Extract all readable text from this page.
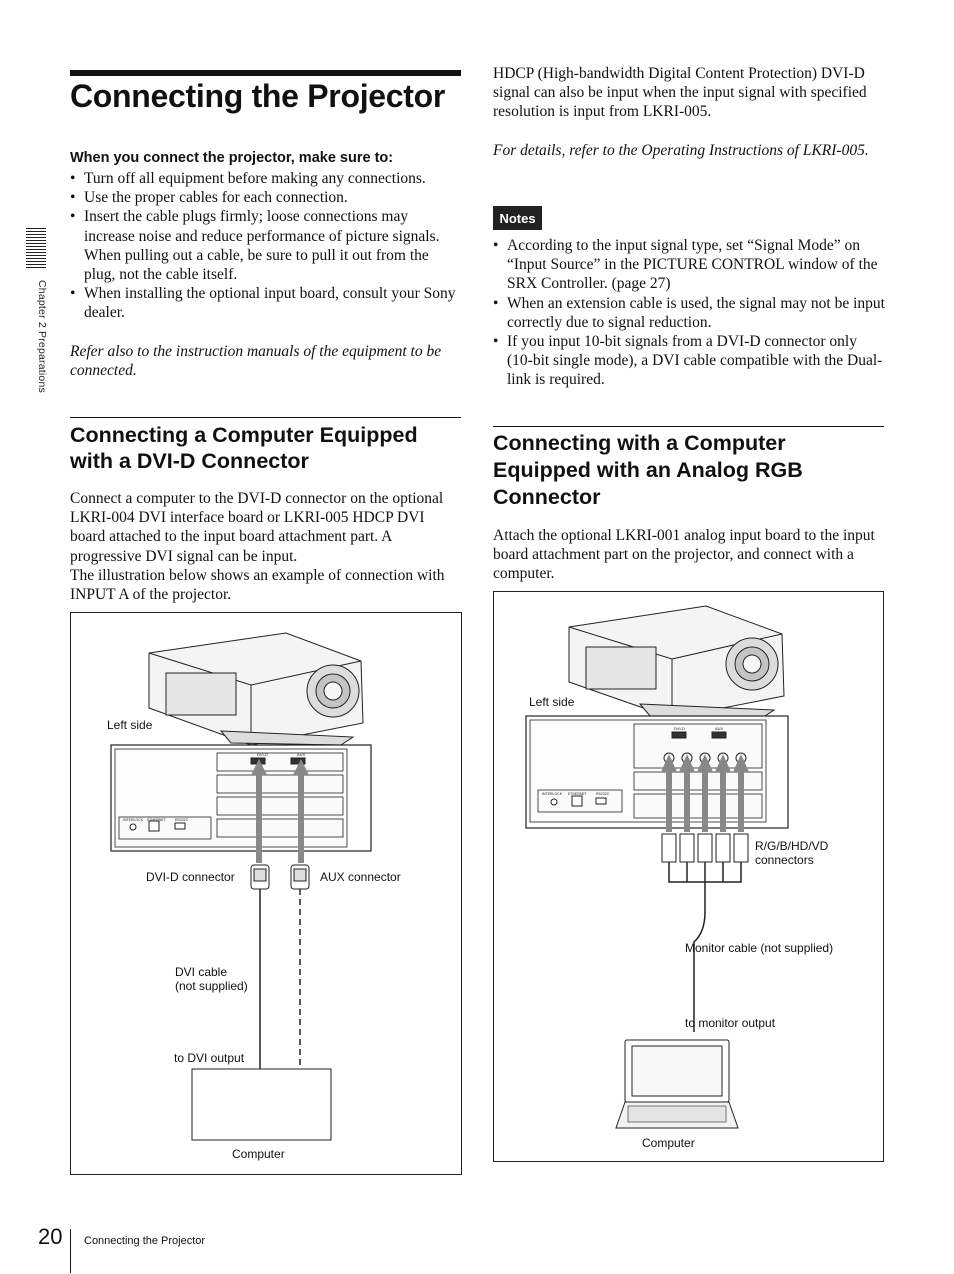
Chapter 2 Preparations
Connecting the Projector
When you connect the projector, make sure to:
• Turn off all equipment before making any connections.
• Use the proper cables for each connection.
• Insert the cable plugs firmly; loose connections may increase noise and reduce performance of picture signals. When pulling out a cable, be sure to pull it out from the plug, not the cable itself.
• When installing the optional input board, consult your Sony dealer.
Refer also to the instruction manuals of the equipment to be connected.
Connecting a Computer Equipped with a DVI-D Connector
Connect a computer to the DVI-D connector on the optional LKRI-004 DVI interface board or LKRI-005 HDCP DVI board attached to the input board attachment part. A progressive DVI signal can be input.
The illustration below shows an example of connection with INPUT A of the projector.
DVI-D	AUX
INTERLOCK ETHERNET	RS232C
Left side
DVI-D connector	AUX connector
DVI cable
(not supplied)
to DVI output
Computer
HDCP (High-bandwidth Digital Content Protection) DVI-D signal can also be input when the input signal with specified resolution is input from LKRI-005.
For details, refer to the Operating Instructions of LKRI-005.
Notes
• According to the input signal type, set “Signal Mode” on “Input Source” in the PICTURE CONTROL window of the SRX Controller. (page 27)
• When an extension cable is used, the signal may not be input correctly due to signal reduction.
• If you input 10-bit signals from a DVI-D connector only (10-bit single mode), a DVI cable compatible with the Dual-link is required.
Connecting with a Computer Equipped with an Analog RGB Connector
Attach the optional LKRI-001 analog input board to the input board attachment part on the projector, and connect with a computer.
DVI-D	AUX
INTERLOCK ETHERNET	RS232C
Left side
R/G/B/HD/VD
connectors
Monitor cable (not supplied)
to monitor output
Computer
20 Connecting the Projector
